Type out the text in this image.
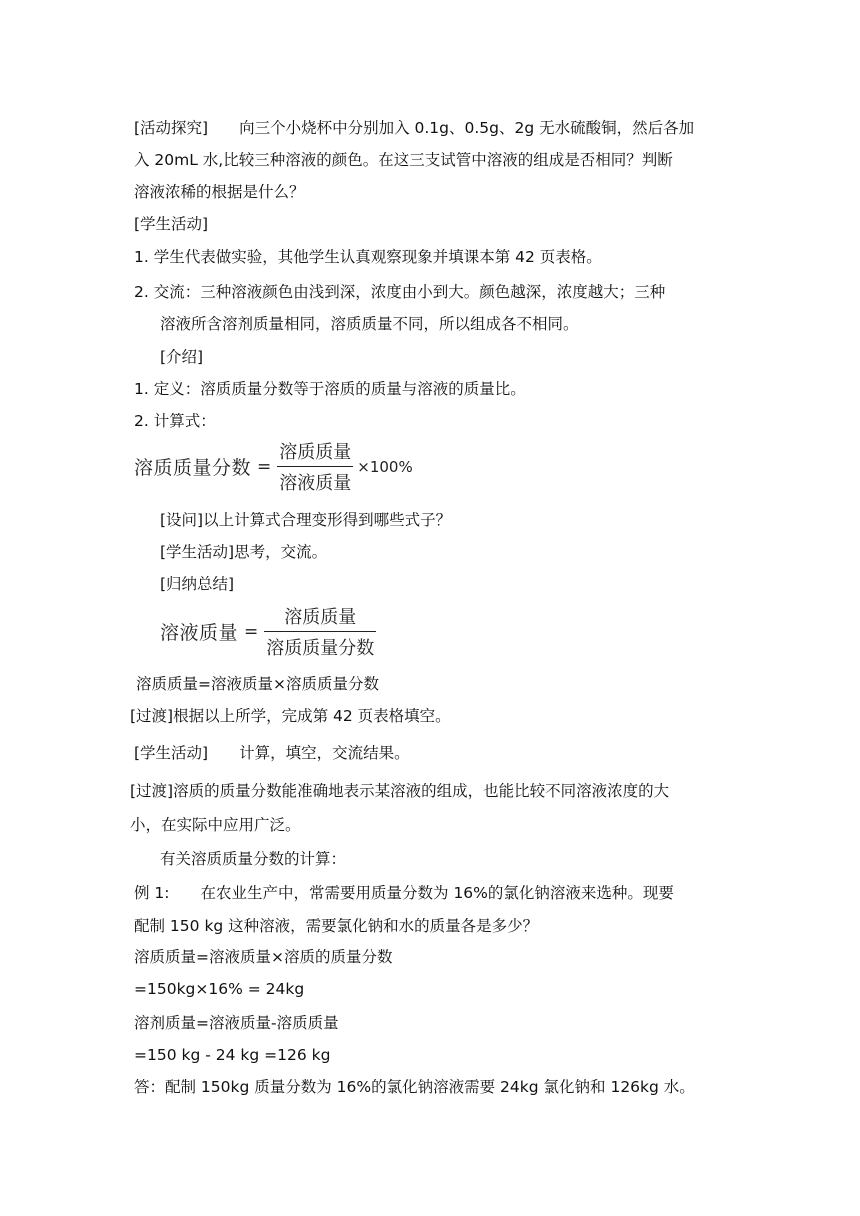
[活动探究]　　向三个小烧杯中分别加入 0.1g、0.5g、2g 无水硫酸铜，然后各加
入 20mL 水,比较三种溶液的颜色。在这三支试管中溶液的组成是否相同？判断
溶液浓稀的根据是什么？
[学生活动]
1. 学生代表做实验，其他学生认真观察现象并填课本第 42 页表格。
2. 交流：三种溶液颜色由浅到深，浓度由小到大。颜色越深，浓度越大；三种
溶液所含溶剂质量相同，溶质质量不同，所以组成各不相同。
[介绍]
1. 定义：溶质质量分数等于溶质的质量与溶液的质量比。
2. 计算式：
溶质质量分数 = $\frac{\text{溶质质量}}{\text{溶液质量}} \times 100\%$
[设问]以上计算式合理变形得到哪些式子？
[学生活动]思考，交流。
[归纳总结]
溶液质量 = $\frac{\text{溶质质量}}{\text{溶质质量分数}}$
溶质质量=溶液质量×溶质质量分数
[过渡]根据以上所学，完成第 42 页表格填空。
[学生活动]　　计算，填空，交流结果。
[过渡]溶质的质量分数能准确地表示某溶液的组成，也能比较不同溶液浓度的大
小，在实际中应用广泛。
有关溶质质量分数的计算：
例 1:　　在农业生产中，常需要用质量分数为 16%的氯化钠溶液来选种。现要
配制 150 kg 这种溶液，需要氯化钠和水的质量各是多少？
溶质质量=溶液质量×溶质的质量分数
=150kg×16% = 24kg
溶剂质量=溶液质量-溶质质量
=150 kg - 24 kg =126 kg
答：配制 150kg 质量分数为 16%的氯化钠溶液需要 24kg 氯化钠和 126kg 水。
